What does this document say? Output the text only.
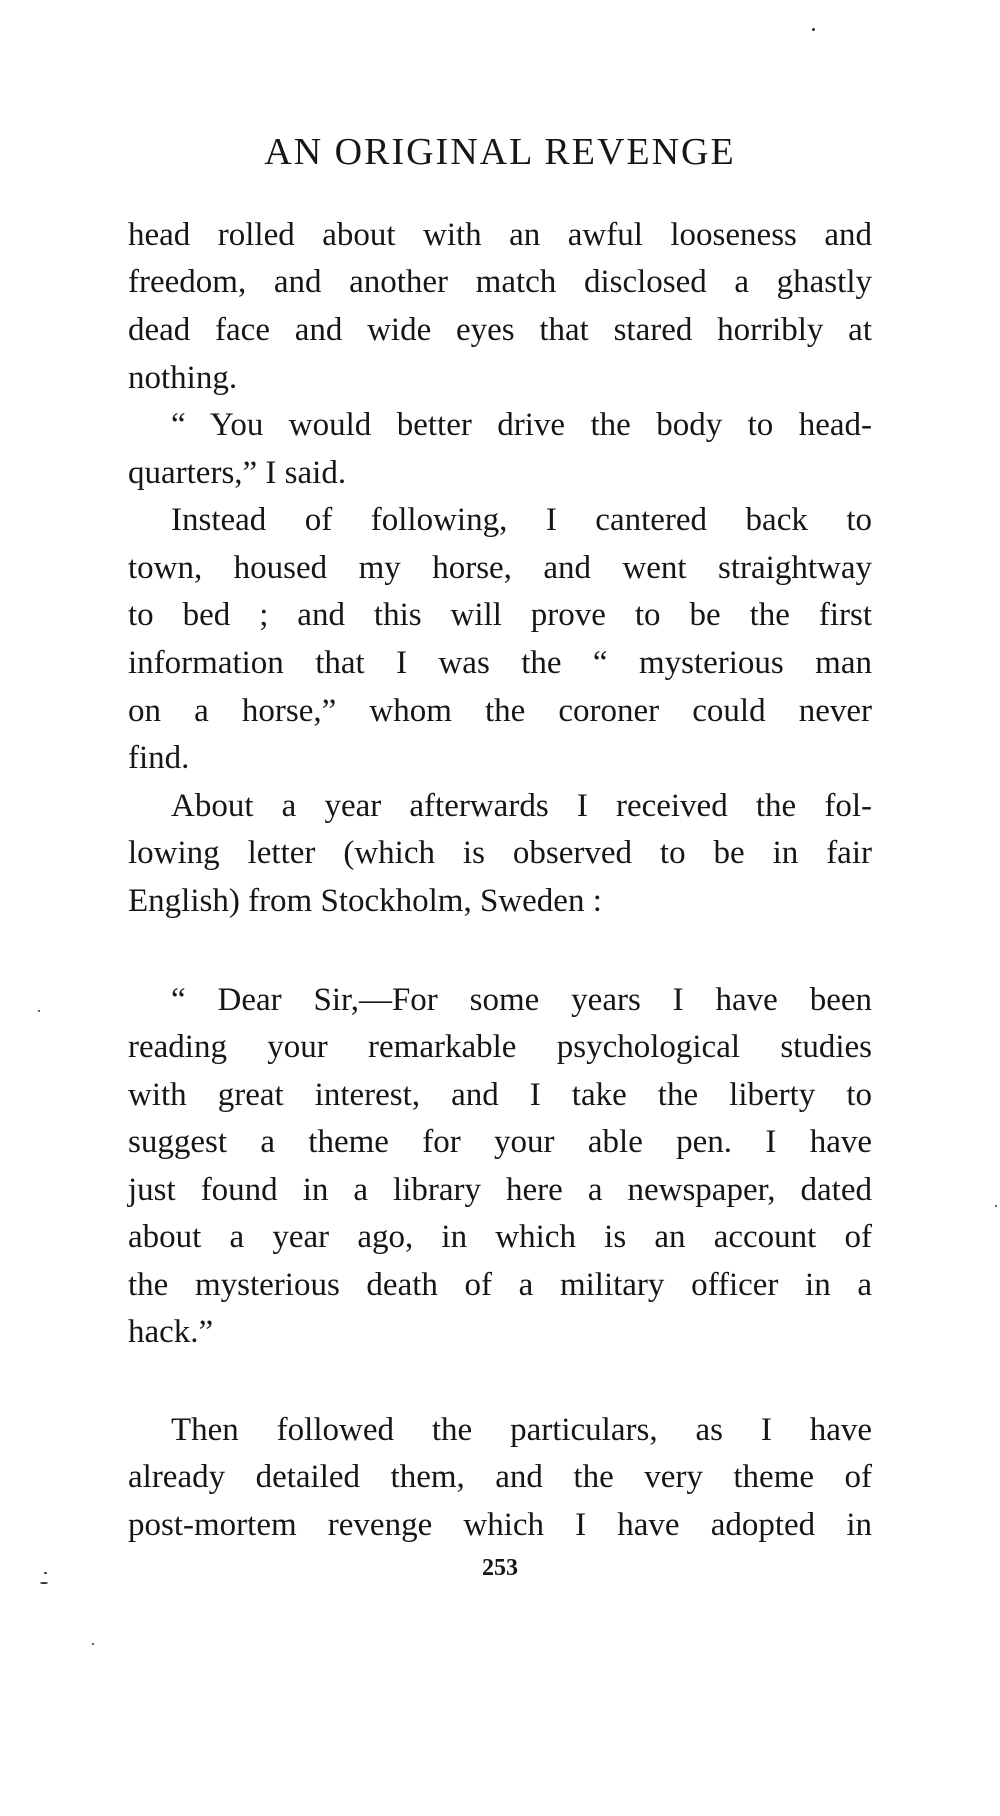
AN ORIGINAL REVENGE

head rolled about with an awful looseness and

freedom, and another match disclosed a ghastly

dead face and wide eyes that stared horribly at

nothing.

“ You would better drive the body to head-

quarters,” I said.

Instead of following, I cantered back to

town, housed my horse, and went straightway

to bed ; and this will prove to be the first

information that I was the “ mysterious man

on a horse,” whom the coroner could never

find.

About a year afterwards I received the fol-

lowing letter (which is observed to be in fair

English) from Stockholm, Sweden :

“ Dear Sir,—For some years I have been

reading your remarkable psychological studies

with great interest, and I take the liberty to

suggest a theme for your able pen. I have

just found in a library here a newspaper, dated

about a year ago, in which is an account of

the mysterious death of a military officer in a

hack.”

Then followed the particulars, as I have

already detailed them, and the very theme of

post-mortem revenge which I have adopted in

253
